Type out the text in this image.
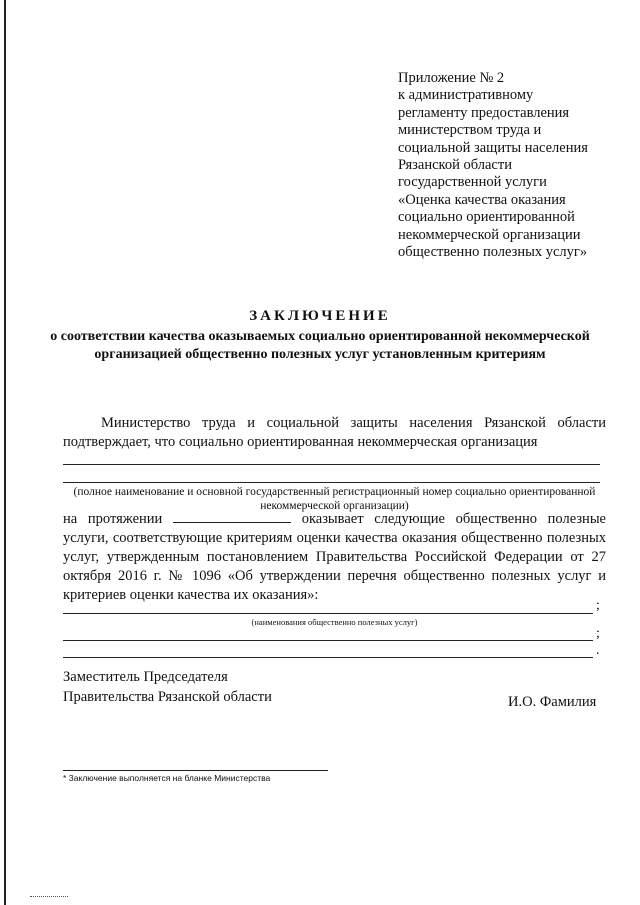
Приложение № 2
к административному
регламенту предоставления
министерством труда и
социальной защиты населения
Рязанской области
государственной услуги
«Оценка качества оказания
социально ориентированной
некоммерческой организации
общественно полезных услуг»
ЗАКЛЮЧЕНИЕ
о соответствии качества оказываемых социально ориентированной некоммерческой организацией общественно полезных услуг установленным критериям
Министерство труда и социальной защиты населения Рязанской области подтверждает, что социально ориентированная некоммерческая организация
(полное наименование и основной государственный регистрационный номер социально ориентированной некоммерческой организации)
на протяжении	оказывает следующие общественно полезные
услуги, соответствующие критериям оценки качества оказания общественно полезных услуг, утвержденным постановлением Правительства Российской Федерации от 27 октября 2016 г. № 1096 «Об утверждении перечня общественно полезных услуг и критериев оценки качества их оказания»:
;
(наименования общественно полезных услуг)
;
.
Заместитель Председателя
Правительства Рязанской области	И.О. Фамилия
* Заключение выполняется на бланке Министерства
